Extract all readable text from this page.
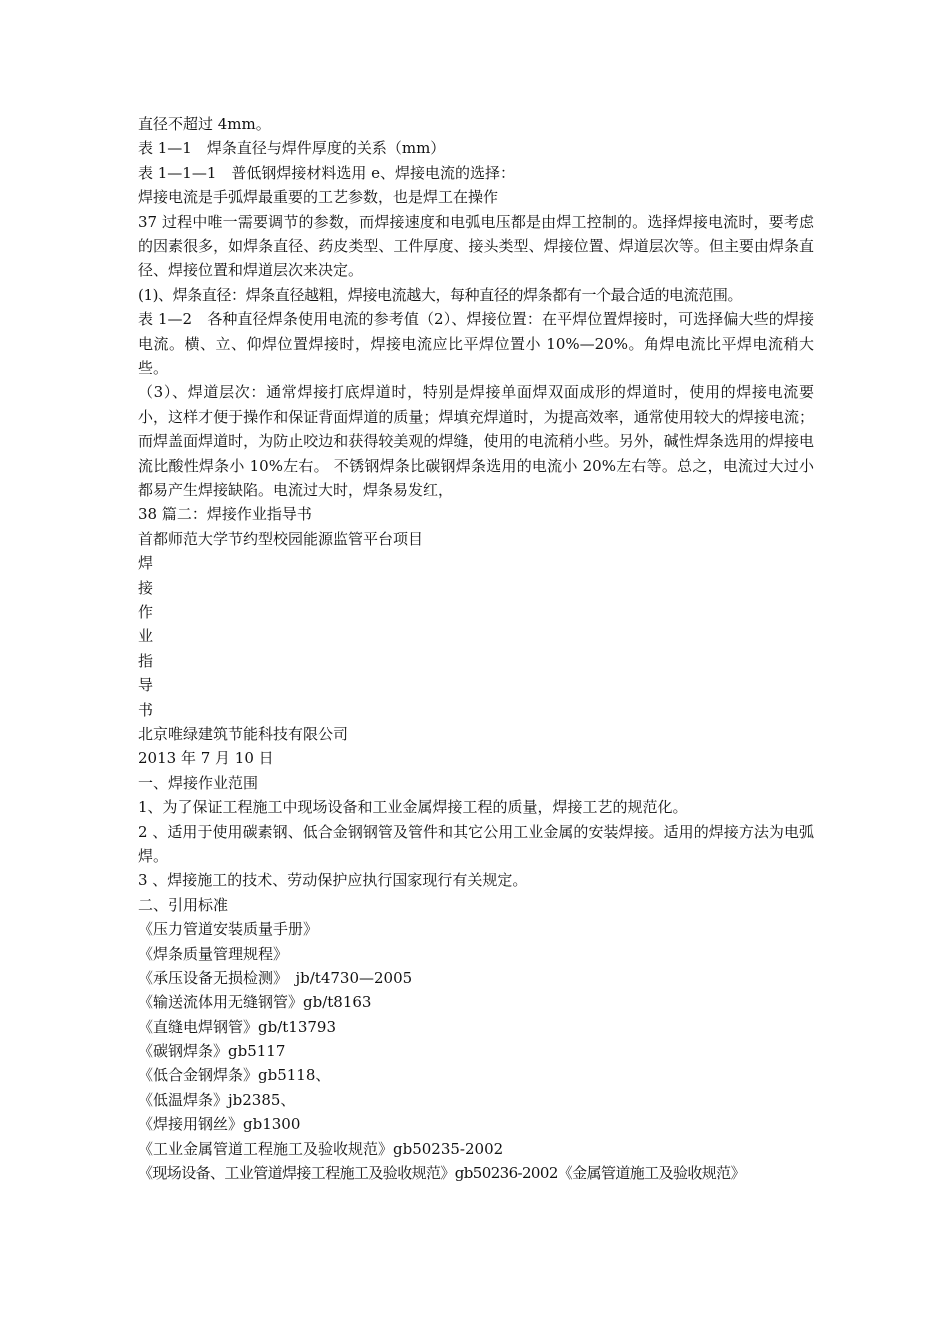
直径不超过 4mm。
表 1—1　焊条直径与焊件厚度的关系（mm）
表 1—1—1　普低钢焊接材料选用 e、焊接电流的选择：
焊接电流是手弧焊最重要的工艺参数，也是焊工在操作
37 过程中唯一需要调节的参数，而焊接速度和电弧电压都是由焊工控制的。选择焊接电流时，要考虑的因素很多，如焊条直径、药皮类型、工件厚度、接头类型、焊接位置、焊道层次等。但主要由焊条直径、焊接位置和焊道层次来决定。
(1)、焊条直径：焊条直径越粗，焊接电流越大，每种直径的焊条都有一个最合适的电流范围。
表 1—2　各种直径焊条使用电流的参考值（2）、焊接位置：在平焊位置焊接时，可选择偏大些的焊接电流。横、立、仰焊位置焊接时，焊接电流应比平焊位置小 10%—20%。角焊电流比平焊电流稍大些。
（3）、焊道层次：通常焊接打底焊道时，特别是焊接单面焊双面成形的焊道时，使用的焊接电流要小，这样才便于操作和保证背面焊道的质量；焊填充焊道时，为提高效率，通常使用较大的焊接电流；而焊盖面焊道时，为防止咬边和获得较美观的焊缝，使用的电流稍小些。另外，碱性焊条选用的焊接电流比酸性焊条小 10%左右。 不锈钢焊条比碳钢焊条选用的电流小 20%左右等。总之，电流过大过小都易产生焊接缺陷。电流过大时，焊条易发红，
38 篇二：焊接作业指导书
首都师范大学节约型校园能源监管平台项目
焊
接
作
业
指
导
书
北京唯绿建筑节能科技有限公司
2013 年 7 月 10 日
一、焊接作业范围
1、为了保证工程施工中现场设备和工业金属焊接工程的质量，焊接工艺的规范化。
2 、适用于使用碳素钢、低合金钢钢管及管件和其它公用工业金属的安装焊接。适用的焊接方法为电弧焊。
3 、焊接施工的技术、劳动保护应执行国家现行有关规定。
二、引用标准
《压力管道安装质量手册》
《焊条质量管理规程》
《承压设备无损检测》　jb/t4730—2005
《输送流体用无缝钢管》gb/t8163
《直缝电焊钢管》gb/t13793
《碳钢焊条》gb5117
《低合金钢焊条》gb5118、
《低温焊条》jb2385、
《焊接用钢丝》gb1300
《工业金属管道工程施工及验收规范》gb50235-2002
《现场设备、工业管道焊接工程施工及验收规范》gb50236-2002《金属管道施工及验收规范》
